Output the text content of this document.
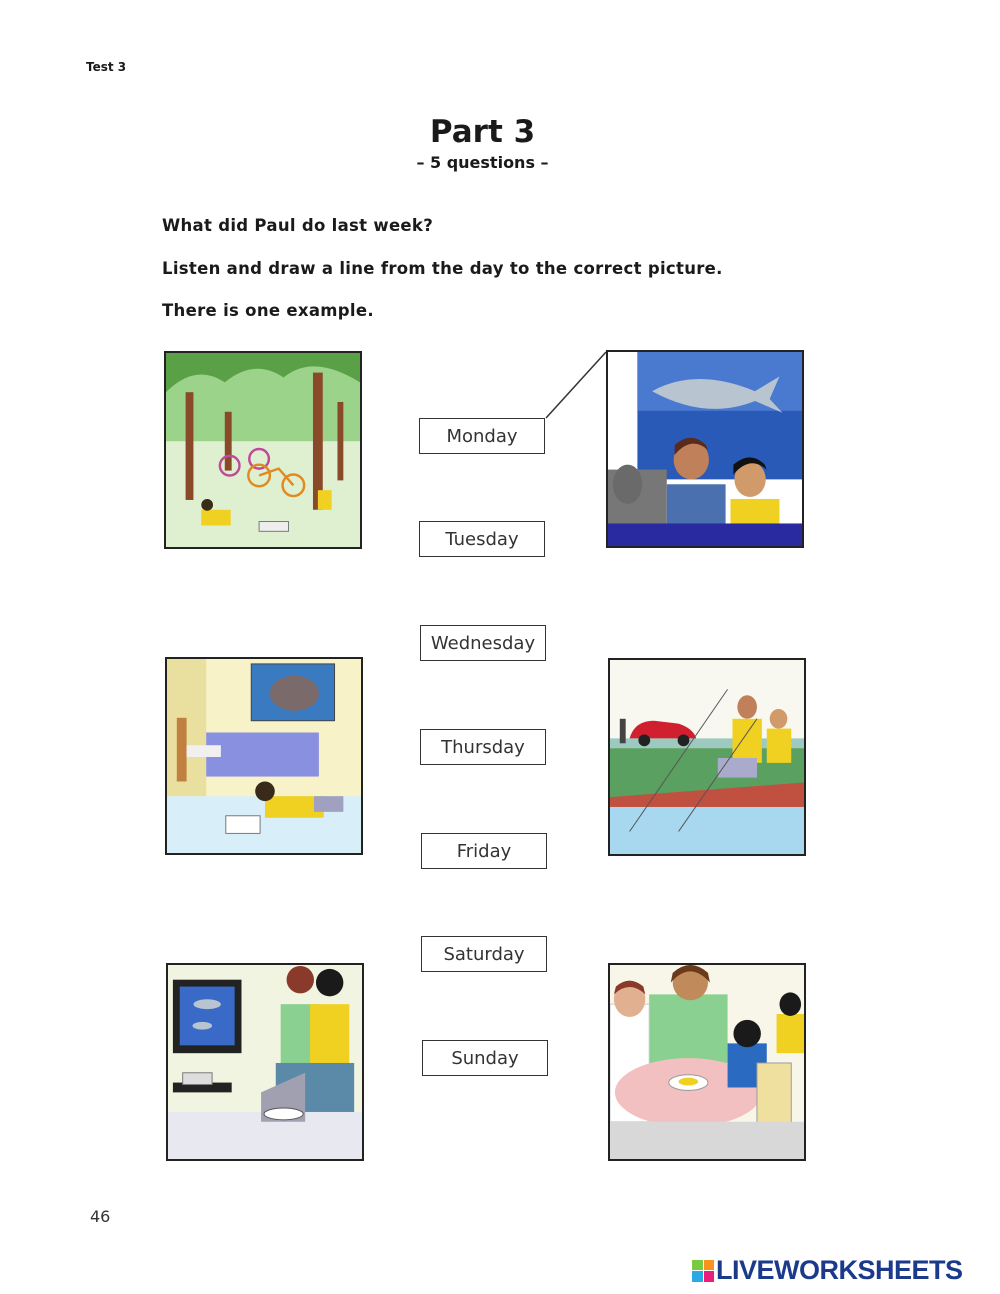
Test 3
Part 3
– 5 questions –
What did Paul do last week?
Listen and draw a line from the day to the correct picture.
There is one example.
Monday
Tuesday
Wednesday
Thursday
Friday
Saturday
Sunday
46
LIVEWORKSHEETS
